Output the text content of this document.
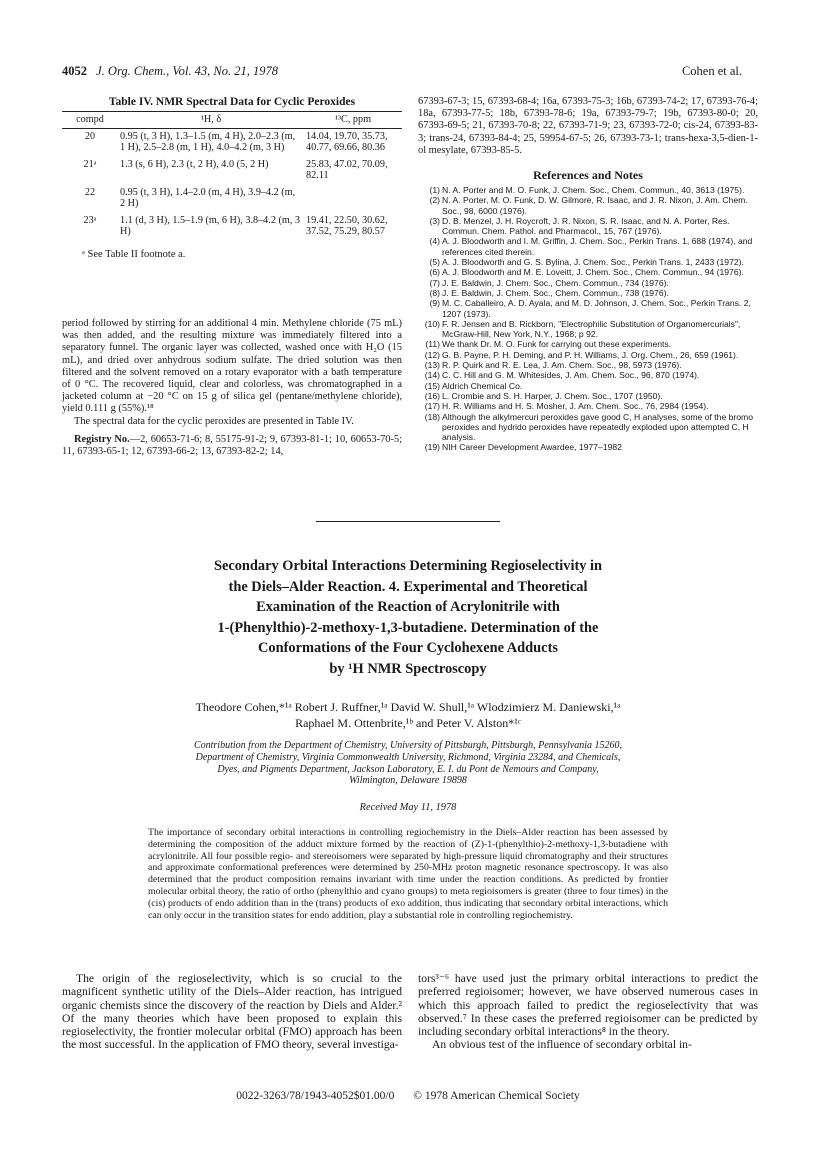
4052 J. Org. Chem., Vol. 43, No. 21, 1978	Cohen et al.
Table IV. NMR Spectral Data for Cyclic Peroxides
compd	¹H, δ	¹³C, ppm
20	0.95 (t, 3 H), 1.3–1.5 (m, 4 H), 2.0–2.3 (m, 1 H), 2.5–2.8 (m, 1 H), 4.0–4.2 (m, 3 H)	14.04, 19.70, 35.73, 40.77, 69.66, 80.36
21ᵃ	1.3 (s, 6 H), 2.3 (t, 2 H), 4.0 (5, 2 H)	25.83, 47.02, 70.09, 82.11
22	0.95 (t, 3 H), 1.4–2.0 (m, 4 H), 3.9–4.2 (m, 2 H)	
23ᵃ	1.1 (d, 3 H), 1.5–1.9 (m, 6 H), 3.8–4.2 (m, 3 H)	19.41, 22.50, 30.62, 37.52, 75.29, 80.57
ᵃ See Table II footnote a.

period followed by stirring for an additional 4 min. Methylene chloride (75 mL) was then added, and the resulting mixture was immediately filtered into a separatory funnel. The organic layer was collected, washed once with H₂O (15 mL), and dried over anhydrous sodium sulfate. The dried solution was then filtered and the solvent removed on a rotary evaporator with a bath temperature of 0 °C. The recovered liquid, clear and colorless, was chromatographed in a jacketed column at −20 °C on 15 g of silica gel (pentane/methylene chloride), yield 0.111 g (55%).¹⁸

The spectral data for the cyclic peroxides are presented in Table IV.

Registry No.—2, 60653-71-6; 8, 55175-91-2; 9, 67393-81-1; 10, 60653-70-5; 11, 67393-65-1; 12, 67393-66-2; 13, 67393-82-2; 14,

67393-67-3; 15, 67393-68-4; 16a, 67393-75-3; 16b, 67393-74-2; 17, 67393-76-4; 18a, 67393-77-5; 18b, 67393-78-6; 19a, 67393-79-7; 19b, 67393-80-0; 20, 67393-69-5; 21, 67393-70-8; 22, 67393-71-9; 23, 67393-72-0; cis-24, 67393-83-3; trans-24, 67393-84-4; 25, 59954-67-5; 26, 67393-73-1; trans-hexa-3,5-dien-1-ol mesylate, 67393-85-5.
References and Notes
(1) N. A. Porter and M. O. Funk, J. Chem. Soc., Chem. Commun., 40, 3613 (1975).
(2) N. A. Porter, M. O. Funk, D. W. Gilmore, R. Isaac, and J. R. Nixon, J. Am. Chem. Soc., 98, 6000 (1976).
(3) D. B. Menzel, J. H. Roycroft, J. R. Nixon, S. R. Isaac, and N. A. Porter, Res. Commun. Chem. Pathol. and Pharmacol., 15, 767 (1976).
(4) A. J. Bloodworth and I. M. Griffin, J. Chem. Soc., Perkin Trans. 1, 688 (1974), and references cited therein.
(5) A. J. Bloodworth and G. S. Bylina, J. Chem. Soc., Perkin Trans. 1, 2433 (1972).
(6) A. J. Bloodworth and M. E. Loveitt, J. Chem. Soc., Chem. Commun., 94 (1976).
(7) J. E. Baldwin, J. Chem. Soc., Chem. Commun., 734 (1976).
(8) J. E. Baldwin, J. Chem. Soc., Chem. Commun., 738 (1976).
(9) M. C. Caballeiro, A. D. Ayala, and M. D. Johnson, J. Chem. Soc., Perkin Trans. 2, 1207 (1973).
(10) F. R. Jensen and B. Rickborn, "Electrophilic Substitution of Organomercurials", McGraw-Hill, New York, N.Y., 1968; p 92.
(11) We thank Dr. M. O. Funk for carrying out these experiments.
(12) G. B. Payne, P. H. Deming, and P. H. Williams, J. Org. Chem., 26, 659 (1961).
(13) R. P. Quirk and R. E. Lea, J. Am. Chem. Soc., 98, 5973 (1976).
(14) C. C. Hill and G. M. Whitesides, J. Am. Chem. Soc., 96, 870 (1974).
(15) Aldrich Chemical Co.
(16) L. Crombie and S. H. Harper, J. Chem. Soc., 1707 (1950).
(17) H. R. Williams and H. S. Mosher, J. Am. Chem. Soc., 76, 2984 (1954).
(18) Although the alkylmercuri peroxides gave good C, H analyses, some of the bromo peroxides and hydrido peroxides have repeatedly exploded upon attempted C, H analysis.
(19) NIH Career Development Awardee, 1977–1982
Secondary Orbital Interactions Determining Regioselectivity in
the Diels–Alder Reaction. 4. Experimental and Theoretical
Examination of the Reaction of Acrylonitrile with
1-(Phenylthio)-2-methoxy-1,3-butadiene. Determination of the
Conformations of the Four Cyclohexene Adducts
by ¹H NMR Spectroscopy
Theodore Cohen,*¹ᵃ Robert J. Ruffner,¹ᵃ David W. Shull,¹ᵃ Wlodzimierz M. Daniewski,¹ᵃ
Raphael M. Ottenbrite,¹ᵇ and Peter V. Alston*¹ᶜ
Contribution from the Department of Chemistry, University of Pittsburgh, Pittsburgh, Pennsylvania 15260,
Department of Chemistry, Virginia Commonwealth University, Richmond, Virginia 23284, and Chemicals,
Dyes, and Pigments Department, Jackson Laboratory, E. I. du Pont de Nemours and Company,
Wilmington, Delaware 19898
Received May 11, 1978
The importance of secondary orbital interactions in controlling regiochemistry in the Diels–Alder reaction has been assessed by determining the composition of the adduct mixture formed by the reaction of (Z)-1-(phenylthio)-2-methoxy-1,3-butadiene with acrylonitrile. All four possible regio- and stereoisomers were separated by high-pressure liquid chromatography and their structures and approximate conformational preferences were determined by 250-MHz proton magnetic resonance spectroscopy. It was also determined that the product composition remains invariant with time under the reaction conditions. As predicted by frontier molecular orbital theory, the ratio of ortho (phenylthio and cyano groups) to meta regioisomers is greater (three to four times) in the (cis) products of endo addition than in the (trans) products of exo addition, thus indicating that secondary orbital interactions, which can only occur in the transition states for endo addition, play a substantial role in controlling regiochemistry.
The origin of the regioselectivity, which is so crucial to the magnificent synthetic utility of the Diels–Alder reaction, has intrigued organic chemists since the discovery of the reaction by Diels and Alder.² Of the many theories which have been proposed to explain this regioselectivity, the frontier molecular orbital (FMO) approach has been the most successful. In the application of FMO theory, several investiga-

tors³⁻⁶ have used just the primary orbital interactions to predict the preferred regioisomer; however, we have observed numerous cases in which this approach failed to predict the regioselectivity that was observed.⁷ In these cases the preferred regioisomer can be predicted by including secondary orbital interactions⁸ in the theory.

An obvious test of the influence of secondary orbital in-

0022-3263/78/1943-4052$01.00/0 © 1978 American Chemical Society
